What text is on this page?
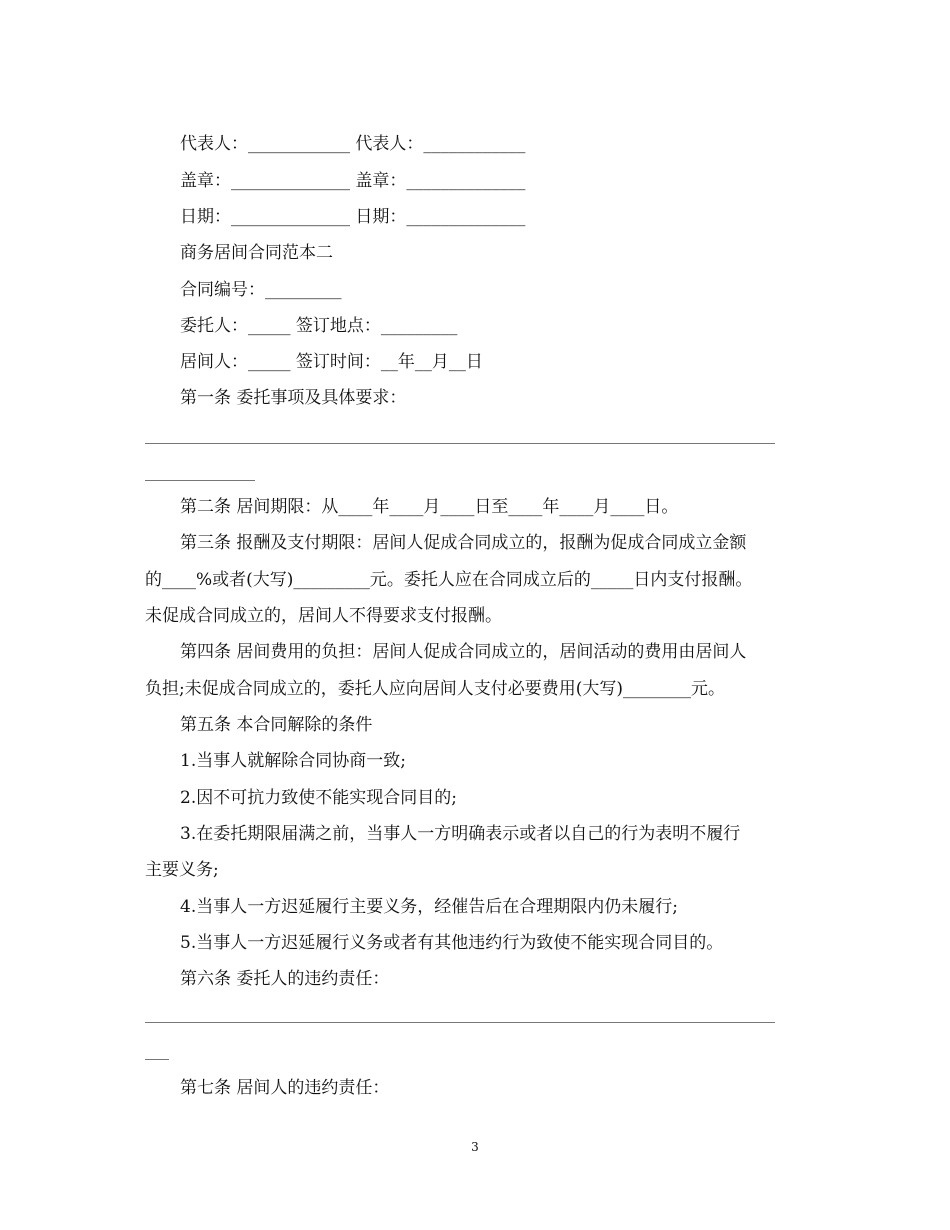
代表人：____________ 代表人：____________
盖章：______________ 盖章：______________
日期：______________ 日期：______________
商务居间合同范本二
合同编号：_________
委托人：_____ 签订地点：_________
居间人：_____ 签订时间：__年__月__日
第一条 委托事项及具体要求：
第二条 居间期限：从____年____月____日至____年____月____日。
第三条 报酬及支付期限：居间人促成合同成立的，报酬为促成合同成立金额
的____%或者(大写)_________元。委托人应在合同成立后的_____日内支付报酬。
未促成合同成立的，居间人不得要求支付报酬。
第四条 居间费用的负担：居间人促成合同成立的，居间活动的费用由居间人
负担;未促成合同成立的，委托人应向居间人支付必要费用(大写)________元。
第五条 本合同解除的条件
1.当事人就解除合同协商一致;
2.因不可抗力致使不能实现合同目的;
3.在委托期限届满之前，当事人一方明确表示或者以自己的行为表明不履行
主要义务;
4.当事人一方迟延履行主要义务，经催告后在合理期限内仍未履行;
5.当事人一方迟延履行义务或者有其他违约行为致使不能实现合同目的。
第六条 委托人的违约责任：
第七条 居间人的违约责任：
3
